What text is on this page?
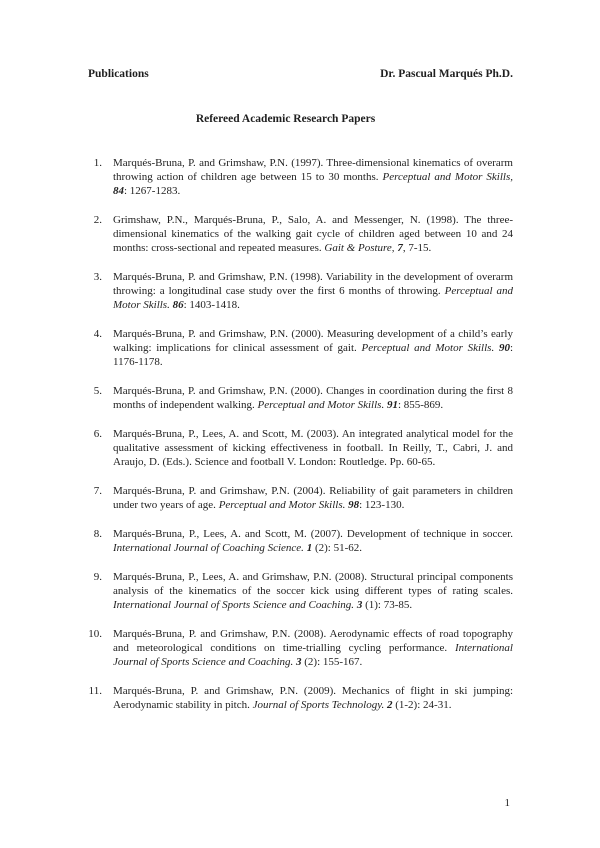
Publications	Dr. Pascual Marqués Ph.D.
Refereed Academic Research Papers
1. Marqués-Bruna, P. and Grimshaw, P.N. (1997). Three-dimensional kinematics of overarm throwing action of children age between 15 to 30 months. Perceptual and Motor Skills, 84: 1267-1283.

2. Grimshaw, P.N., Marqués-Bruna, P., Salo, A. and Messenger, N. (1998). The three-dimensional kinematics of the walking gait cycle of children aged between 10 and 24 months: cross-sectional and repeated measures. Gait & Posture, 7, 7-15.

3. Marqués-Bruna, P. and Grimshaw, P.N. (1998). Variability in the development of overarm throwing: a longitudinal case study over the first 6 months of throwing. Perceptual and Motor Skills. 86: 1403-1418.

4. Marqués-Bruna, P. and Grimshaw, P.N. (2000). Measuring development of a child’s early walking: implications for clinical assessment of gait. Perceptual and Motor Skills. 90: 1176-1178.

5. Marqués-Bruna, P. and Grimshaw, P.N. (2000). Changes in coordination during the first 8 months of independent walking. Perceptual and Motor Skills. 91: 855-869.

6. Marqués-Bruna, P., Lees, A. and Scott, M. (2003). An integrated analytical model for the qualitative assessment of kicking effectiveness in football. In Reilly, T., Cabri, J. and Araujo, D. (Eds.). Science and football V. London: Routledge. Pp. 60-65.

7. Marqués-Bruna, P. and Grimshaw, P.N. (2004). Reliability of gait parameters in children under two years of age. Perceptual and Motor Skills. 98: 123-130.

8. Marqués-Bruna, P., Lees, A. and Scott, M. (2007). Development of technique in soccer. International Journal of Coaching Science. 1 (2): 51-62.

9. Marqués-Bruna, P., Lees, A. and Grimshaw, P.N. (2008). Structural principal components analysis of the kinematics of the soccer kick using different types of rating scales. International Journal of Sports Science and Coaching. 3 (1): 73-85.

10. Marqués-Bruna, P. and Grimshaw, P.N. (2008). Aerodynamic effects of road topography and meteorological conditions on time-trialling cycling performance. International Journal of Sports Science and Coaching. 3 (2): 155-167.

11. Marqués-Bruna, P. and Grimshaw, P.N. (2009). Mechanics of flight in ski jumping: Aerodynamic stability in pitch. Journal of Sports Technology. 2 (1-2): 24-31.

1
